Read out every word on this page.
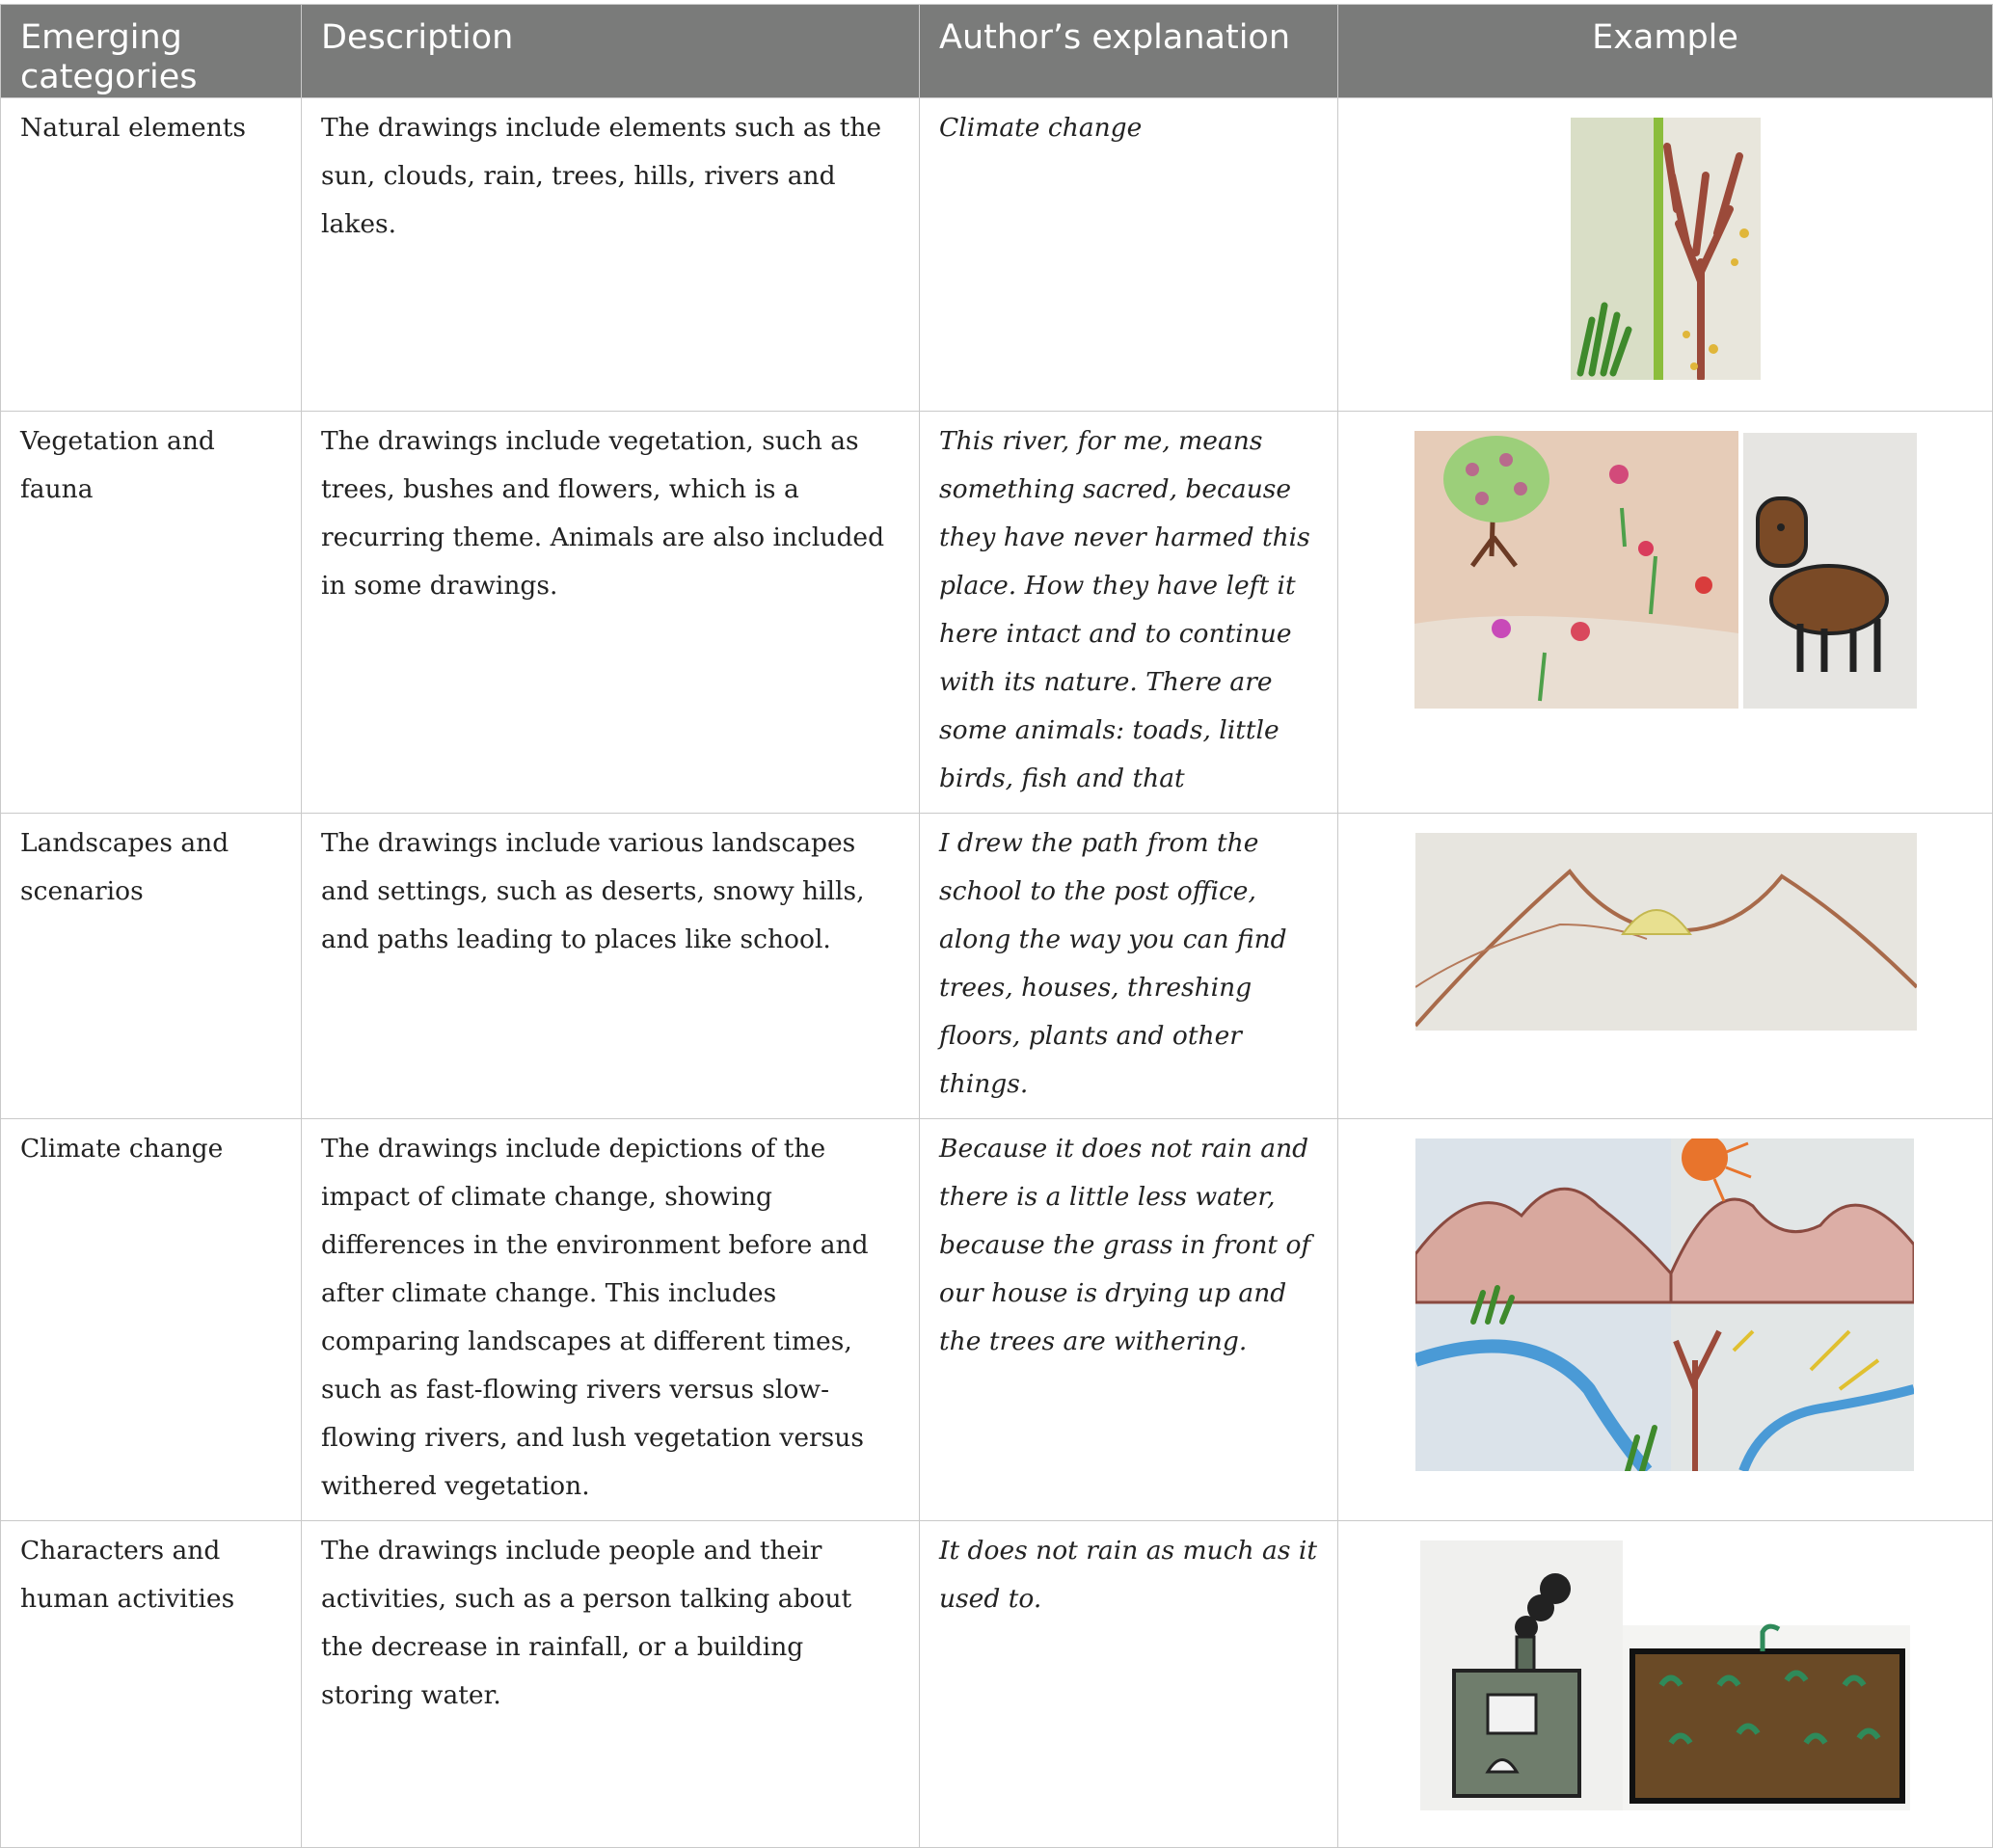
Emerging categories	Description	Author’s explanation	Example
Natural elements	The drawings include elements such as the sun, clouds, rain, trees, hills, rivers and lakes.	Climate change	

Vegetation and fauna	The drawings include vegetation, such as trees, bushes and flowers, which is a recurring theme. Animals are also included in some drawings.	This river, for me, means something sacred, because they have never harmed this place. How they have left it here intact and to continue with its nature. There are some animals: toads, little birds, fish and that	

Landscapes and scenarios	The drawings include various landscapes and settings, such as deserts, snowy hills, and paths leading to places like school.	I drew the path from the school to the post office, along the way you can find trees, houses, threshing floors, plants and other things.	

Climate change	The drawings include depictions of the impact of climate change, showing differences in the environment before and after climate change. This includes comparing landscapes at different times, such as fast-flowing rivers versus slow-flowing rivers, and lush vegetation versus withered vegetation.	Because it does not rain and there is a little less water, because the grass in front of our house is drying up and the trees are withering.	

Characters and human activities	The drawings include people and their activities, such as a person talking about the decrease in rainfall, or a building storing water.	It does not rain as much as it used to.	
